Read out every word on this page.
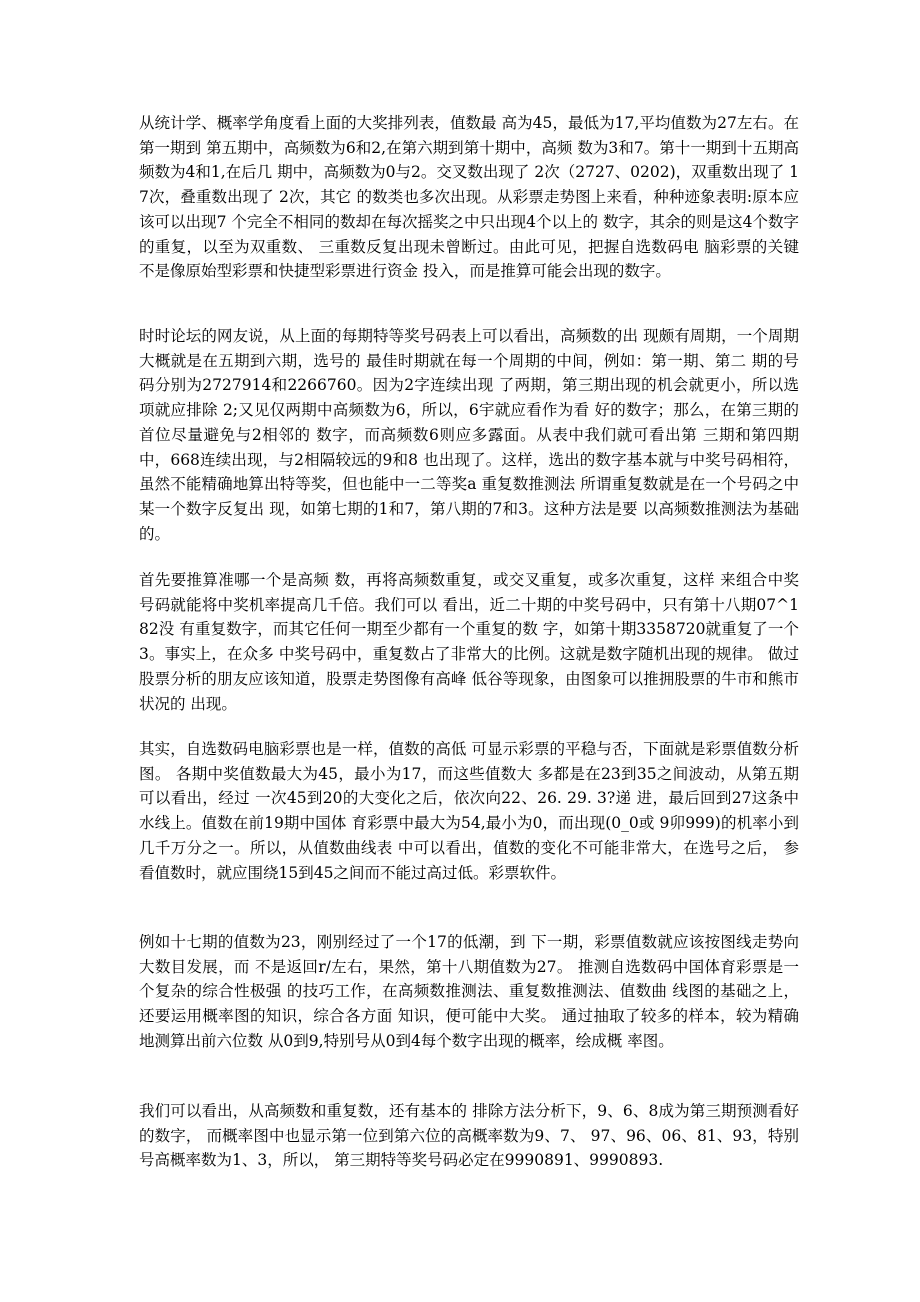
从统计学、概率学角度看上面的大奖排列表，值数最 高为45，最低为17,平均值数为27左右。在第一期到 第五期中，高频数为6和2,在第六期到第十期中，高频 数为3和7。第十一期到十五期高频数为4和1,在后几 期中，高频数为0与2。交叉数出现了 2次（2727、0202)，双重数出现了 17次，叠重数出现了 2次，其它 的数类也多次出现。从彩票走势图上来看，种种迹象表明:原本应该可以出现7 个完全不相同的数却在每次摇奖之中只出现4个以上的 数字，其余的则是这4个数字的重复，以至为双重数、 三重数反复出现未曾断过。由此可见，把握自选数码电 脑彩票的关键不是像原始型彩票和快捷型彩票进行资金 投入，而是推算可能会出现的数字。

时时论坛的网友说，从上面的每期特等奖号码表上可以看出，高频数的出 现颇有周期，一个周期大概就是在五期到六期，选号的 最佳时期就在每一个周期的中间，例如：第一期、第二 期的号码分别为2727914和2266760。因为2字连续出现 了两期，第三期出现的机会就更小，所以选项就应排除 2;又见仅两期中高频数为6，所以，6宇就应看作为看 好的数字；那么，在第三期的首位尽量避免与2相邻的 数字，而高频数6则应多露面。从表中我们就可看出第 三期和第四期中，668连续出现，与2相隔较远的9和8 也出现了。这样，选出的数字基本就与中奖号码相符， 虽然不能精确地算出特等奖，但也能中一二等奖a 重复数推测法 所谓重复数就是在一个号码之中某一个数字反复出 现，如第七期的1和7，第八期的7和3。这种方法是要 以高频数推测法为基础的。

首先要推算准哪一个是高频 数，再将高频数重复，或交叉重复，或多次重复，这样 来组合中奖号码就能将中奖机率提高几千倍。我们可以 看出，近二十期的中奖号码中，只有第十八期07^182没 有重复数字，而其它任何一期至少都有一个重复的数 字，如第十期3358720就重复了一个3。事实上，在众多 中奖号码中，重复数占了非常大的比例。这就是数字随机出现的规律。 做过股票分析的朋友应该知道，股票走势图像有高峰 低谷等现象，由图象可以推拥股票的牛市和熊市状况的 出现。

其实，自选数码电脑彩票也是一样，值数的高低 可显示彩票的平稳与否，下面就是彩票值数分析图。 各期中奖值数最大为45，最小为17，而这些值数大 多都是在23到35之间波动，从第五期可以看出，经过 一次45到20的大变化之后，依次向22、26. 29. 3?递 进，最后回到27这条中水线上。值数在前19期中国体 育彩票中最大为54,最小为0，而出现(0_0或 9卯999)的机率小到几千万分之一。所以，从值数曲线表 中可以看出，值数的变化不可能非常大，在选号之后， 参看值数时，就应围绕15到45之间而不能过高过低。彩票软件。

例如十七期的值数为23，刚别经过了一个17的低潮，到 下一期，彩票值数就应该按图线走势向大数目发展，而 不是返回r/左右，果然，第十八期值数为27。 推测自选数码中国体育彩票是一个复杂的综合性极强 的技巧工作，在高频数推测法、重复数推测法、值数曲 线图的基础之上，还要运用概率图的知识，综合各方面 知识，便可能中大奖。 通过抽取了较多的样本，较为精确地测算出前六位数 从0到9,特别号从0到4每个数字出现的概率，绘成概 率图。

我们可以看出，从高频数和重复数，还有基本的 排除方法分析下，9、6、8成为第三期预测看好的数字， 而概率图中也显示第一位到第六位的高概率数为9、7、 97、96、06、81、93，特别号高概率数为1、3，所以， 第三期特等奖号码必定在9990891、9990893.
